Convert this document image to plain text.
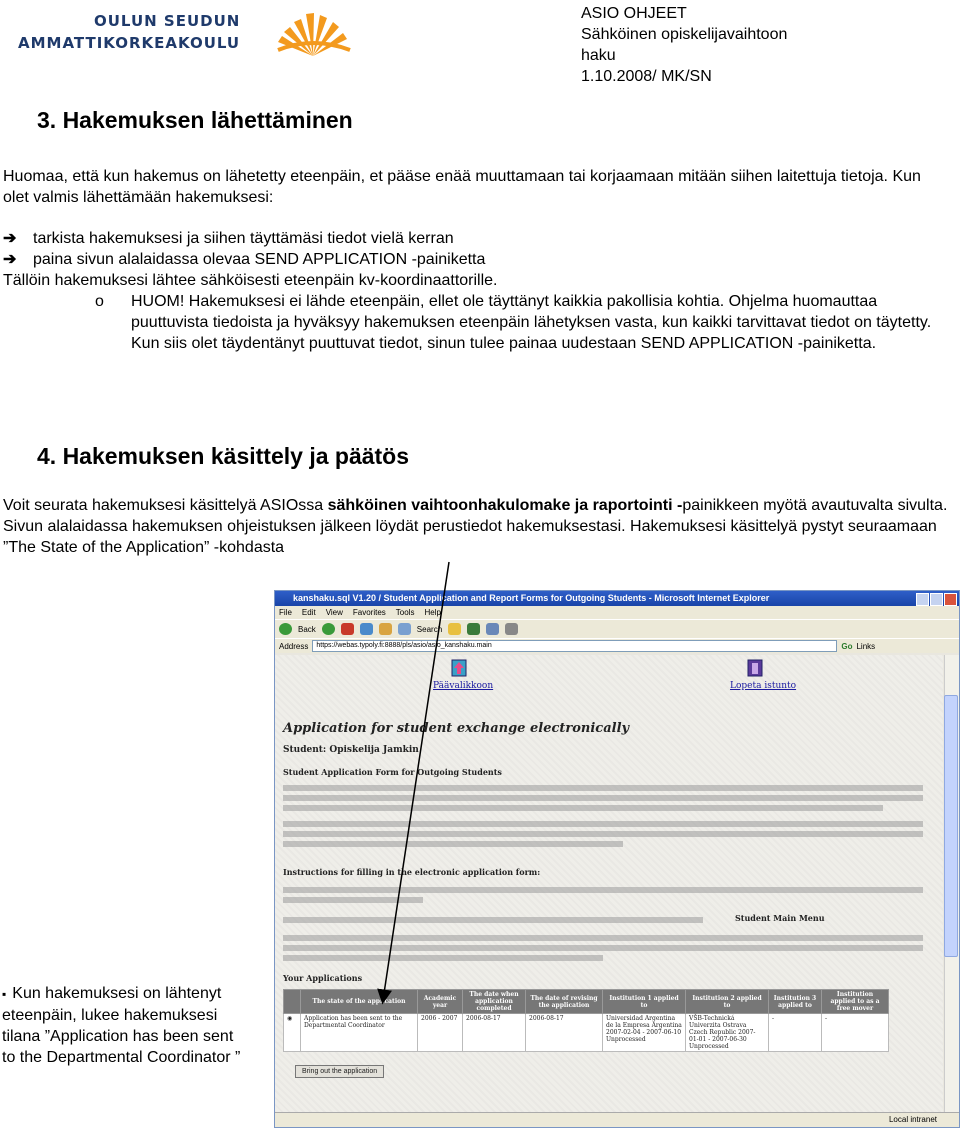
OULUN SEUDUN
AMMATTIKORKEAKOULU
ASIO OHJEET
Sähköinen opiskelijavaihtoon
haku
1.10.2008/ MK/SN
3. Hakemuksen lähettäminen
Huomaa, että kun hakemus on lähetetty eteenpäin, et pääse enää muuttamaan tai korjaamaan mitään siihen laitettuja tietoja. Kun olet valmis lähettämään hakemuksesi:
➔ tarkista hakemuksesi ja siihen täyttämäsi tiedot vielä kerran
➔ paina sivun alalaidassa olevaa SEND APPLICATION -painiketta
Tällöin hakemuksesi lähtee sähköisesti eteenpäin kv-koordinaattorille.
o HUOM! Hakemuksesi ei lähde eteenpäin, ellet ole täyttänyt kaikkia pakollisia kohtia. Ohjelma huomauttaa puuttuvista tiedoista ja hyväksyy hakemuksen eteenpäin lähetyksen vasta, kun kaikki tarvittavat tiedot on täytetty. Kun siis olet täydentänyt puuttuvat tiedot, sinun tulee painaa uudestaan SEND APPLICATION -painiketta.
4. Hakemuksen käsittely ja päätös
Voit seurata hakemuksesi käsittelyä ASIOssa sähköinen vaihtoonhakulomake ja raportointi -painikkeen myötä avautuvalta sivulta. Sivun alalaidassa hakemuksen ohjeistuksen jälkeen löydät perustiedot hakemuksestasi. Hakemuksesi käsittelyä pystyt seuraamaan ”The State of the Application” -kohdasta
▪ Kun hakemuksesi on lähtenyt eteenpäin, lukee hakemuksesi tilana ”Application has been sent to the Departmental Coordinator ”
kanshaku.sql V1.20 / Student Application and Report Forms for Outgoing Students - Microsoft Internet Explorer
File Edit View Favorites Tools Help
Back	Search
Address	https://webas.typoly.fi:8888/pls/asio/asio_kanshaku.main	Go Links
Päävalikkoon	Lopeta istunto
Application for student exchange electronically
Student: Opiskelija Jamkin
Student Application Form for Outgoing Students
Instructions for filling in the electronic application form:
Student Main Menu
Your Applications
	The state of the application	Academic year	The date when application completed	The date of revising the application	Institution 1 applied to	Institution 2 applied to	Institution 3 applied to	Institution applied to as a free mover
◉	Application has been sent to the Departmental Coordinator	2006 - 2007	2006-08-17	2006-08-17	Universidad Argentina de la Empresa Argentina 2007-02-04 - 2007-06-10 Unprocessed	VŠB-Technická Univerzita Ostrava Czech Republic 2007-01-01 - 2007-06-30 Unprocessed	-	-
Bring out the application
Local intranet
